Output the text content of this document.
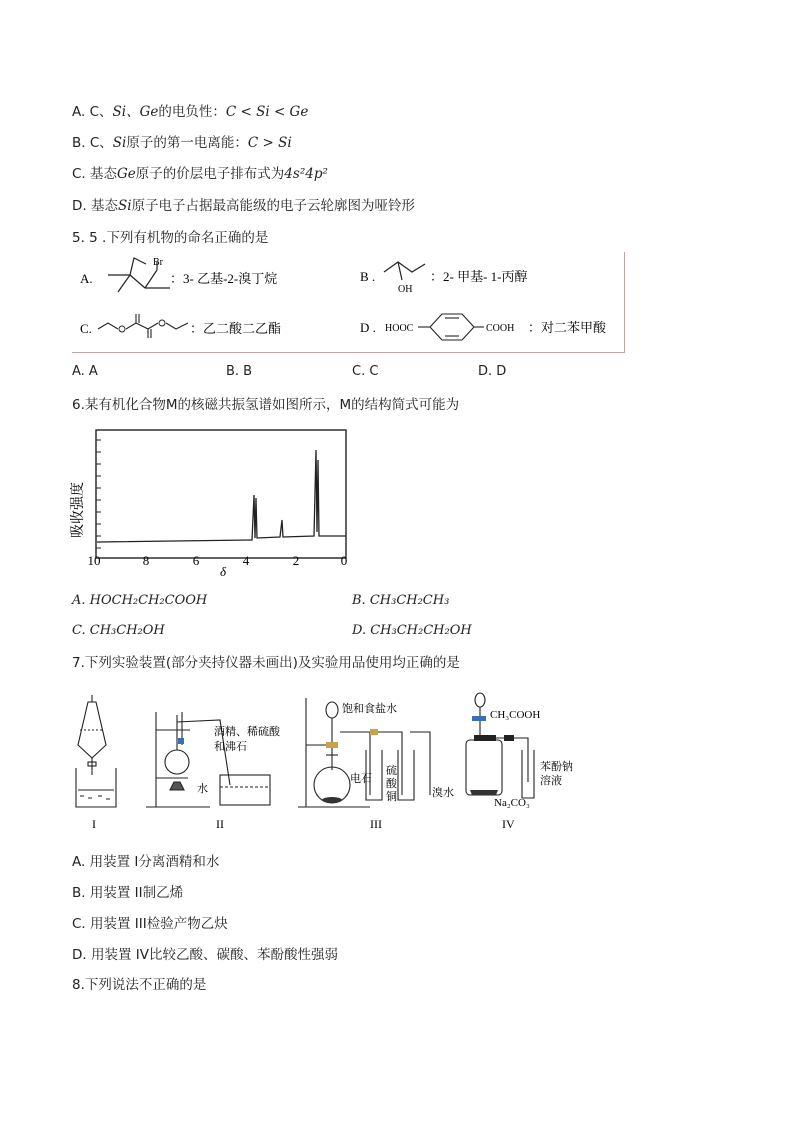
A. C、Si、Ge的电负性：C < Si < Ge
B. C、Si原子的第一电离能：C > Si
C. 基态Ge原子的价层电子排布式为4s²4p²
D. 基态Si原子电子占据最高能级的电子云轮廓图为哑铃形
5. 5 .下列有机物的命名正确的是
A.
Br
：3- 乙基-2-溴丁烷	B .
OH
：2- 甲基- 1-丙醇
C.	：乙二酸二乙酯	D . HOOC	COOH ：对二苯甲酸
A. A	B. B	C. C	D. D
6.某有机化合物M的核磁共振氢谱如图所示，M的结构简式可能为
吸收强度
10	8	6	4	2	0
δ
A. HOCH₂CH₂COOH	B. CH₃CH₂CH₃
C. CH₃CH₂OH	D. CH₃CH₂CH₂OH
7.下列实验装置(部分夹持仪器未画出)及实验用品使用均正确的是
I
酒精、稀硫酸
和沸石
水
II
饱和食盐水
电石
硫
酸
铜	溴水
III
CH₃COOH
苯酚钠
溶液
Na₂CO₃
IV
A. 用装置 I分离酒精和水
B. 用装置 II制乙烯
C. 用装置 III检验产物乙炔
D. 用装置 IV比较乙酸、碳酸、苯酚酸性强弱
8.下列说法不正确的是
